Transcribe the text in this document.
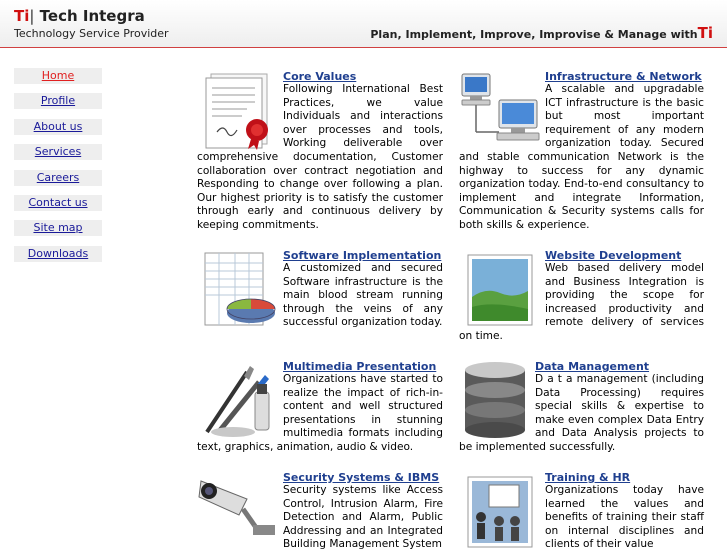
Ti| Tech Integra
Technology Service Provider	Plan, Implement, Improve, Improvise & Manage withTi
Home
Profile
About us
Services
Careers
Contact us
Site map
Downloads
Core Values

Following International Best Practices, we value Individuals and interactions over processes and tools, Working deliverable over comprehensive documentation, Customer collaboration over contract negotiation and Responding to change over following a plan. Our highest priority is to satisfy the customer through early and continuous delivery by keeping commitments.

Infrastructure & Network

A scalable and upgradable ICT infrastructure is the basic but most important requirement of any modern organization today. Secured and stable communication Network is the highway to success for any dynamic organization today. End-to-end consultancy to implement and integrate Information, Communication & Security systems calls for both skills & experience.

Software Implementation

A customized and secured Software infrastructure is the main blood stream running through the veins of any successful organization today.

Website Development

Web based delivery model and Business Integration is providing the scope for increased productivity and remote delivery of services on time.

Multimedia Presentation

Organizations have started to realize the impact of rich-in-content and well structured presentations in stunning multimedia formats including text, graphics, animation, audio & video.

Data Management

D a t a management (including Data Processing) requires special skills & expertise to make even complex Data Entry and Data Analysis projects to be implemented successfully.

Security Systems & IBMS

Security systems like Access Control, Intrusion Alarm, Fire Detection and Alarm, Public Addressing and an Integrated Building Management System

Training & HR

Organizations today have learned the values and benefits of training their staff on internal disciplines and clients of their value
